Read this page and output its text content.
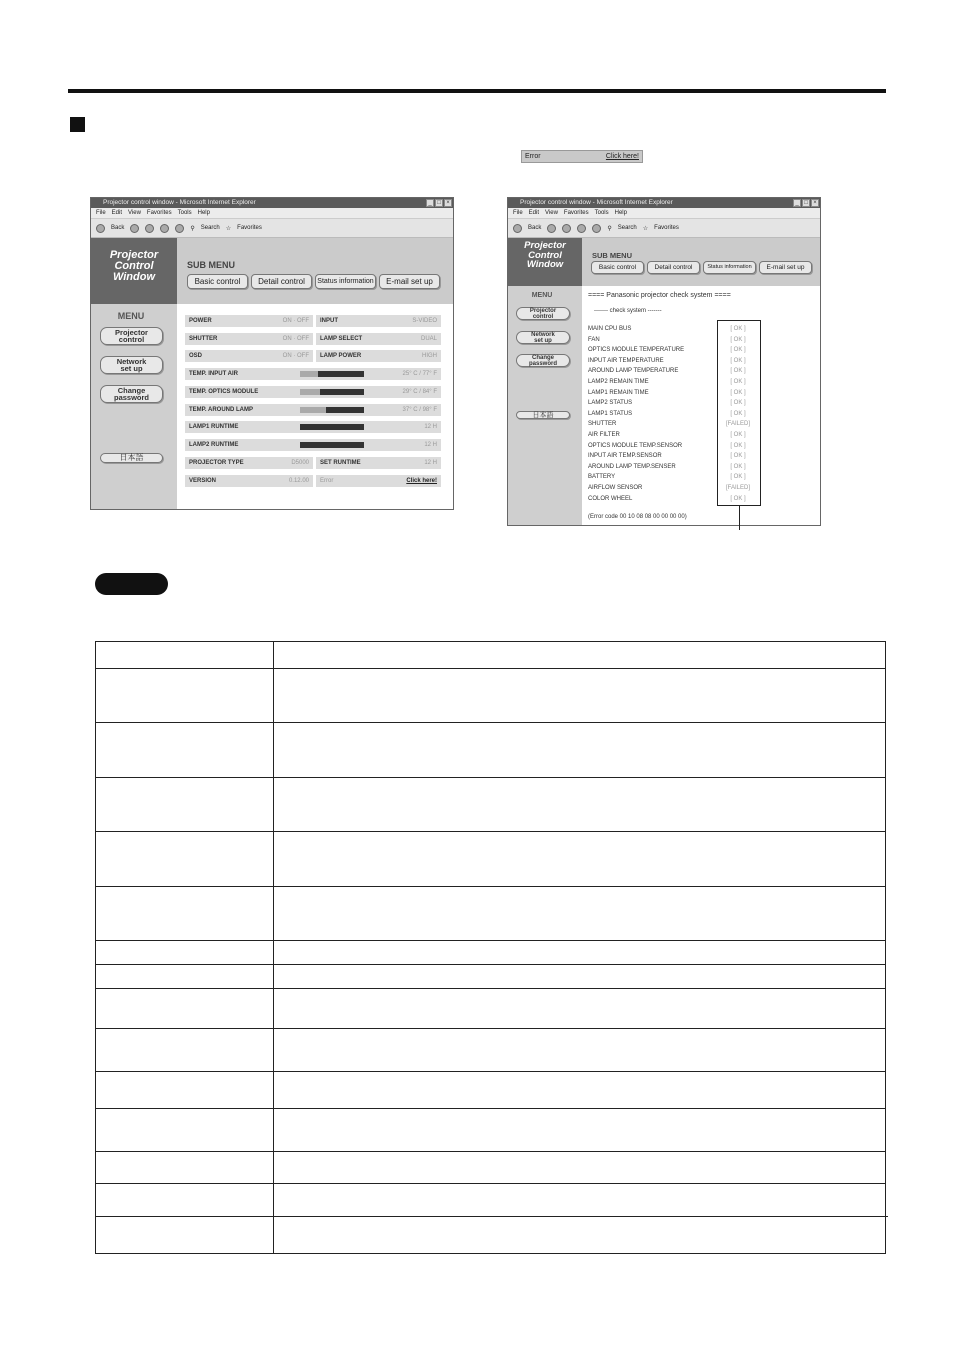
Error	Click here!
Projector control window - Microsoft Internet Explorer	_ □ ×
File Edit View Favorites Tools Help
Back	⚲ Search ☆ Favorites
Projector
Control
Window
MENU
Projector control
Network set up
Change password
日本語
SUB MENU
Basic control	Detail control	Status information	E-mail set up
POWER	ON · OFF	INPUT	S-VIDEO
SHUTTER	ON · OFF	LAMP SELECT	DUAL
OSD	ON · OFF	LAMP POWER	HIGH
TEMP. INPUT AIR	25° C / 77° F
TEMP. OPTICS MODULE	29° C / 84° F
TEMP. AROUND LAMP	37° C / 98° F
LAMP1 RUNTIME	12 H
LAMP2 RUNTIME	12 H
PROJECTOR TYPE	D5000	SET RUNTIME	12 H
VERSION	0.12.00	Error	Click here!
Projector control window - Microsoft Internet Explorer	_ □ ×
File Edit View Favorites Tools Help
Back	⚲ Search ☆ Favorites
Projector
Control
Window
MENU
Projector control
Network set up
Change password
日本語
SUB MENU
Basic control	Detail control	Status information	E-mail set up
==== Panasonic projector check system ====
------- check system -------
MAIN CPU BUS	[ OK ]
FAN	[ OK ]
OPTICS MODULE TEMPERATURE	[ OK ]
INPUT AIR TEMPERATURE	[ OK ]
AROUND LAMP TEMPERATURE	[ OK ]
LAMP2 REMAIN TIME	[ OK ]
LAMP1 REMAIN TIME	[ OK ]
LAMP2 STATUS	[ OK ]
LAMP1 STATUS	[ OK ]
SHUTTER	[FAILED]
AIR FILTER	[ OK ]
OPTICS MODULE TEMP.SENSOR	[ OK ]
INPUT AIR TEMP.SENSOR	[ OK ]
AROUND LAMP TEMP.SENSER	[ OK ]
BATTERY	[ OK ]
AIRFLOW SENSOR	[FAILED]
COLOR WHEEL	[ OK ]
(Error code 00 10 08 08 00 00 00 00)
